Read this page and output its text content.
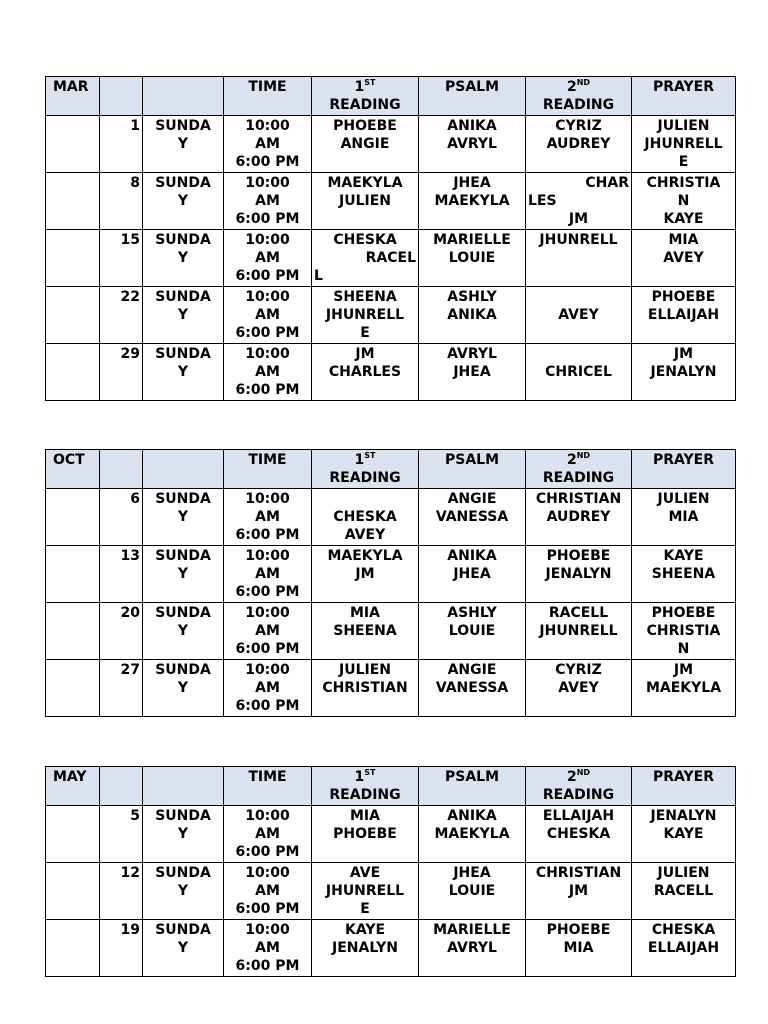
MAR			TIME	1ST
READING	PSALM	2ND
READING	PRAYER
	1	SUNDA
Y	10:00
AM
6:00 PM	PHOEBE
ANGIE	ANIKA
AVRYL	CYRIZ
AUDREY	JULIEN
JHUNRELL
E

	8	SUNDA
Y	10:00
AM
6:00 PM	MAEKYLA
JULIEN	JHEA
MAEKYLA	CHAR
LES
JM	CHRISTIA
N
KAYE

	15	SUNDA
Y	10:00
AM
6:00 PM	CHESKA
RACEL
L	MARIELLE
LOUIE	JHUNRELL	MIA
AVEY

	22	SUNDA
Y	10:00
AM
6:00 PM	SHEENA
JHUNRELL
E	ASHLY
ANIKA	AVEY	PHOEBE
ELLAIJAH

	29	SUNDA
Y	10:00
AM
6:00 PM	JM
CHARLES	AVRYL
JHEA	CHRICEL	JM
JENALYN
OCT			TIME	1ST
READING	PSALM	2ND
READING	PRAYER
	6	SUNDA
Y	10:00
AM
6:00 PM	CHESKA
AVEY	ANGIE
VANESSA	CHRISTIAN
AUDREY	JULIEN
MIA

	13	SUNDA
Y	10:00
AM
6:00 PM	MAEKYLA
JM	ANIKA
JHEA	PHOEBE
JENALYN	KAYE
SHEENA

	20	SUNDA
Y	10:00
AM
6:00 PM	MIA
SHEENA	ASHLY
LOUIE	RACELL
JHUNRELL	PHOEBE
CHRISTIA
N

	27	SUNDA
Y	10:00
AM
6:00 PM	JULIEN
CHRISTIAN	ANGIE
VANESSA	CYRIZ
AVEY	JM
MAEKYLA
MAY			TIME	1ST
READING	PSALM	2ND
READING	PRAYER
	5	SUNDA
Y	10:00
AM
6:00 PM	MIA
PHOEBE	ANIKA
MAEKYLA	ELLAIJAH
CHESKA	JENALYN
KAYE

	12	SUNDA
Y	10:00
AM
6:00 PM	AVE
JHUNRELL
E	JHEA
LOUIE	CHRISTIAN
JM	JULIEN
RACELL

	19	SUNDA
Y	10:00
AM
6:00 PM	KAYE
JENALYN	MARIELLE
AVRYL	PHOEBE
MIA	CHESKA
ELLAIJAH
